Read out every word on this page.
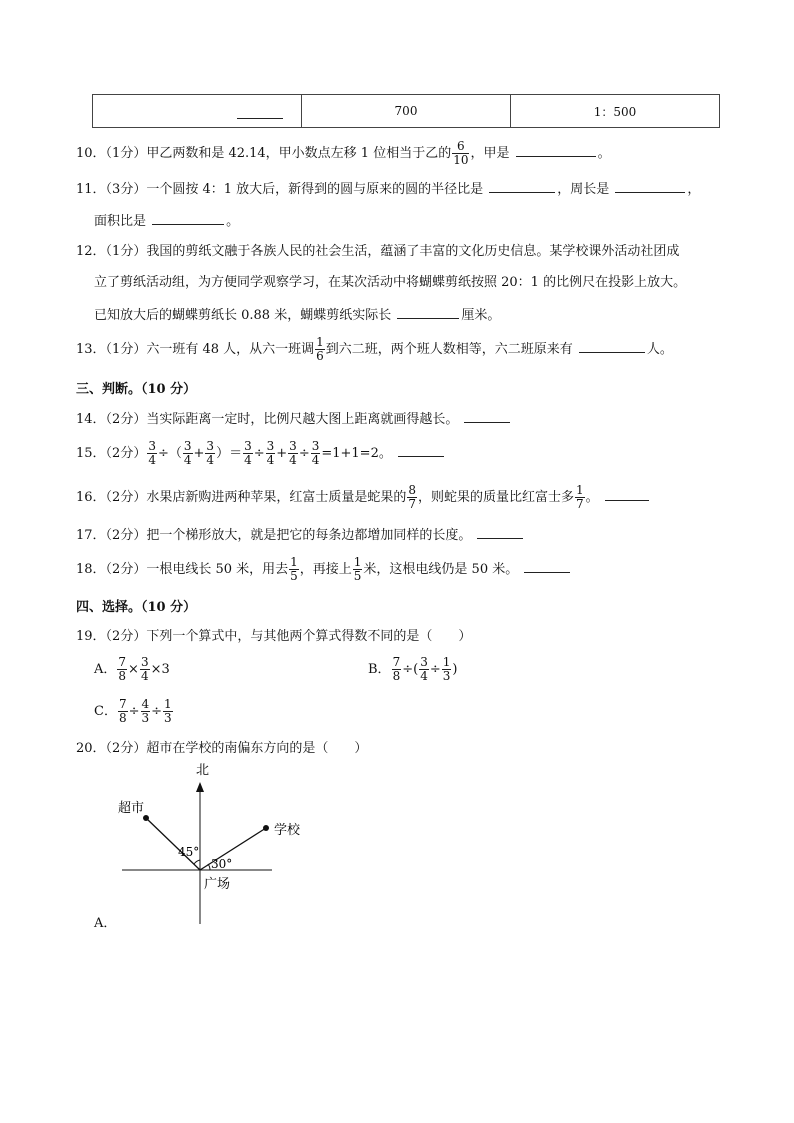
	700	1：500
10．（1分）甲乙两数和是 42.14，甲小数点左移 1 位相当于乙的 $\frac{6}{10}$ ，甲是	。
11．（3分）一个圆按 4：1 放大后，新得到的圆与原来的圆的半径比是	，周长是	，
面积比是	。
12．（1分）我国的剪纸文融于各族人民的社会生活，蕴涵了丰富的文化历史信息。某学校课外活动社团成
立了剪纸活动组，为方便同学观察学习，在某次活动中将蝴蝶剪纸按照 20：1 的比例尺在投影上放大。
已知放大后的蝴蝶剪纸长 0.88 米，蝴蝶剪纸实际长	厘米。
13．（1分）六一班有 48 人，从六一班调 $\frac{1}{6}$ 到六二班，两个班人数相等，六二班原来有	人。
三、判断。（10 分）
14．（2分）当实际距离一定时，比例尺越大图上距离就画得越长。
15．（2分） $\frac{3}{4}$ ÷（ $\frac{3}{4} + \frac{3}{4}$ ）＝ $\frac{3}{4} \div \frac{3}{4} + \frac{3}{4} \div \frac{3}{4} =1+1=2$。
16．（2分）水果店新购进两种苹果，红富士质量是蛇果的 $\frac{8}{7}$ ，则蛇果的质量比红富士多 $\frac{1}{7}$ 。
17．（2分）把一个梯形放大，就是把它的每条边都增加同样的长度。
18．（2分）一根电线长 50 米，用去 $\frac{1}{5}$ ，再接上 $\frac{1}{5}$ 米，这根电线仍是 50 米。
四、选择。（10 分）
19．（2分）下列一个算式中，与其他两个算式得数不同的是（　　）
A． $\frac{7}{8} \times \frac{3}{4} \times 3$	B． $\frac{7}{8}$ ÷( $\frac{3}{4} \div \frac{1}{3}$ )
C． $\frac{7}{8} \div \frac{4}{3} \div \frac{1}{3}$
20．（2分）超市在学校的南偏东方向的是（　　）
北
超市
学校
广场
45°
30°
A．
